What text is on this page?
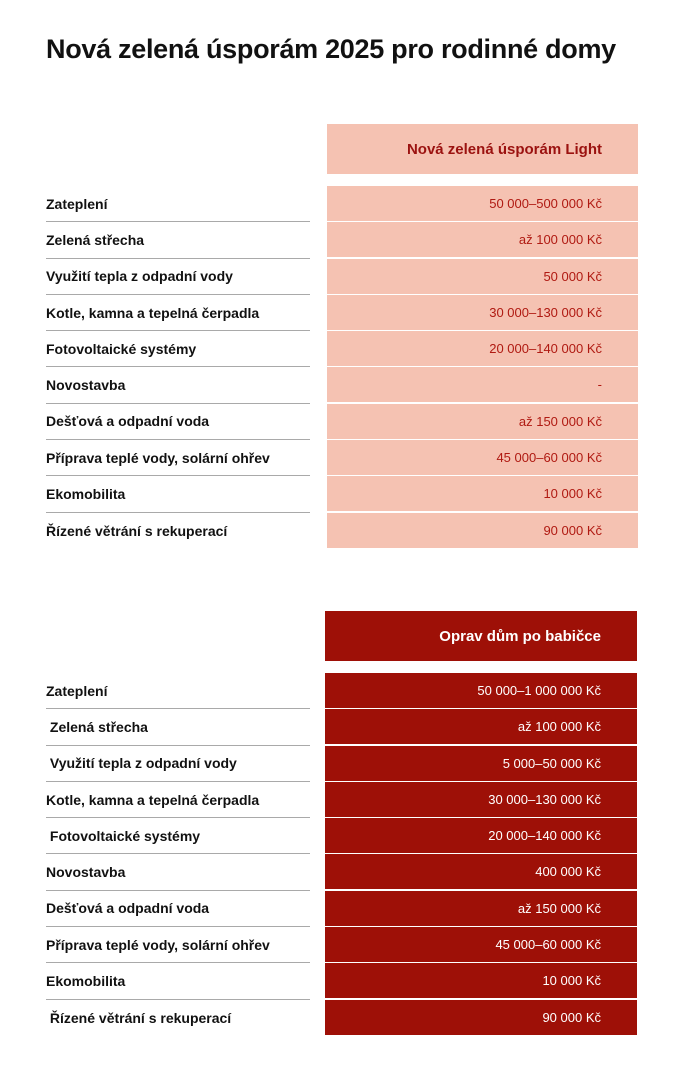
Nová zelená úsporám 2025 pro rodinné domy
Nová zelená úsporám Light
Zateplení	50 000–500 000 Kč
Zelená střecha	až 100 000 Kč
Využití tepla z odpadní vody	50 000 Kč
Kotle, kamna a tepelná čerpadla	30 000–130 000 Kč
Fotovoltaické systémy	20 000–140 000 Kč
Novostavba	-
Dešťová a odpadní voda	až 150 000 Kč
Příprava teplé vody, solární ohřev	45 000–60 000 Kč
Ekomobilita	10 000 Kč
Řízené větrání s rekuperací	90 000 Kč
Oprav dům po babičce
Zateplení	50 000–1 000 000 Kč
Zelená střecha	až 100 000 Kč
Využití tepla z odpadní vody	5 000–50 000 Kč
Kotle, kamna a tepelná čerpadla	30 000–130 000 Kč
Fotovoltaické systémy	20 000–140 000 Kč
Novostavba	400 000 Kč
Dešťová a odpadní voda	až 150 000 Kč
Příprava teplé vody, solární ohřev	45 000–60 000 Kč
Ekomobilita	10 000 Kč
Řízené větrání s rekuperací	90 000 Kč
